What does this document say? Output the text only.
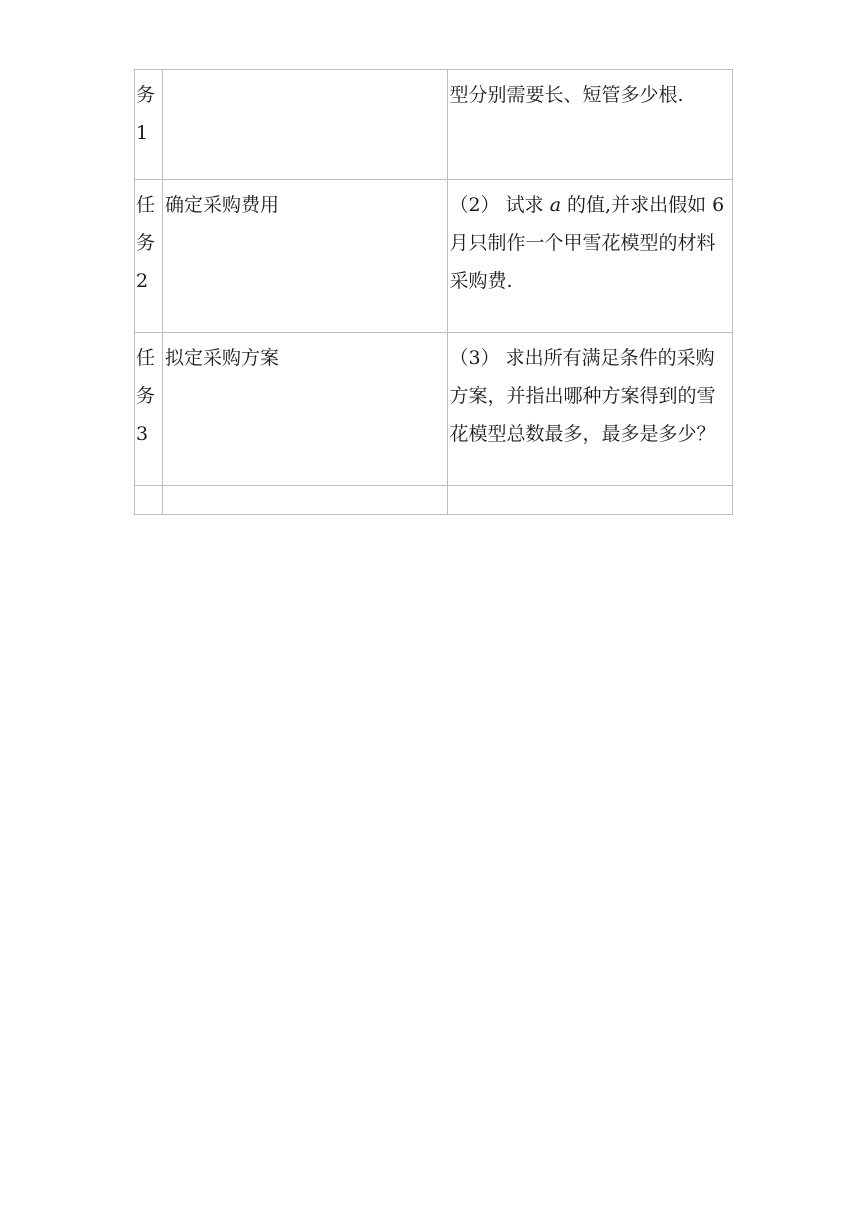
务
1		型分别需要长、短管多少根.

任
务
2	确定采购费用	（2） 试求 a 的值,并求出假如 6
月只制作一个甲雪花模型的材料
采购费.

任
务
3	拟定采购方案	（3） 求出所有满足条件的采购
方案，并指出哪种方案得到的雪
花模型总数最多，最多是多少？
